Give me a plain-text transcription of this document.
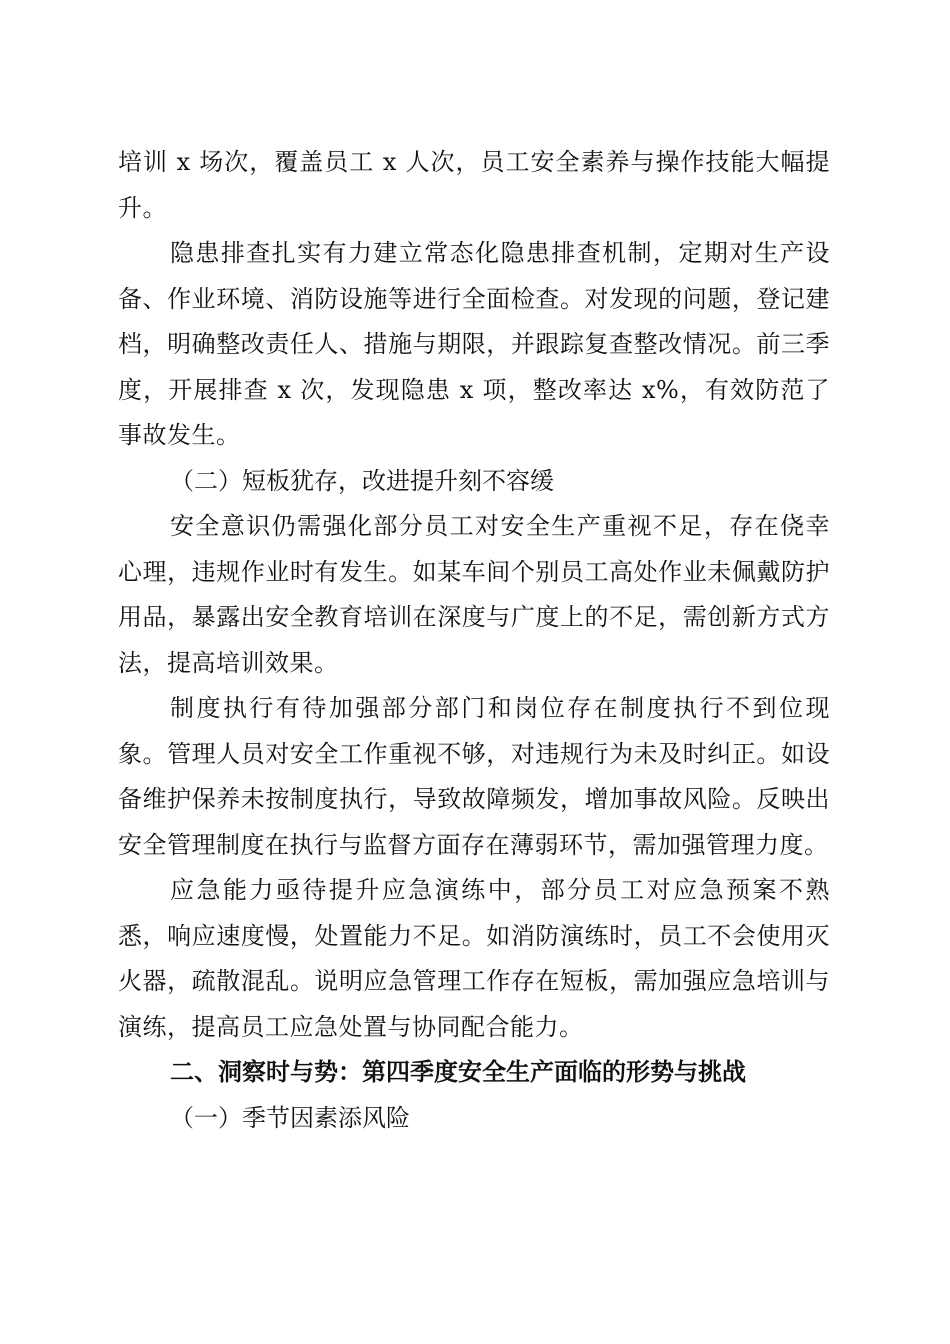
培训 x 场次，覆盖员工 x 人次，员工安全素养与操作技能大幅提升。

隐患排查扎实有力建立常态化隐患排查机制，定期对生产设备、作业环境、消防设施等进行全面检查。对发现的问题，登记建档，明确整改责任人、措施与期限，并跟踪复查整改情况。前三季度，开展排查 x 次，发现隐患 x 项，整改率达 x%，有效防范了事故发生。

（二）短板犹存，改进提升刻不容缓

安全意识仍需强化部分员工对安全生产重视不足，存在侥幸心理，违规作业时有发生。如某车间个别员工高处作业未佩戴防护用品，暴露出安全教育培训在深度与广度上的不足，需创新方式方法，提高培训效果。

制度执行有待加强部分部门和岗位存在制度执行不到位现象。管理人员对安全工作重视不够，对违规行为未及时纠正。如设备维护保养未按制度执行，导致故障频发，增加事故风险。反映出安全管理制度在执行与监督方面存在薄弱环节，需加强管理力度。

应急能力亟待提升应急演练中，部分员工对应急预案不熟悉，响应速度慢，处置能力不足。如消防演练时，员工不会使用灭火器，疏散混乱。说明应急管理工作存在短板，需加强应急培训与演练，提高员工应急处置与协同配合能力。

二、洞察时与势：第四季度安全生产面临的形势与挑战

（一）季节因素添风险
